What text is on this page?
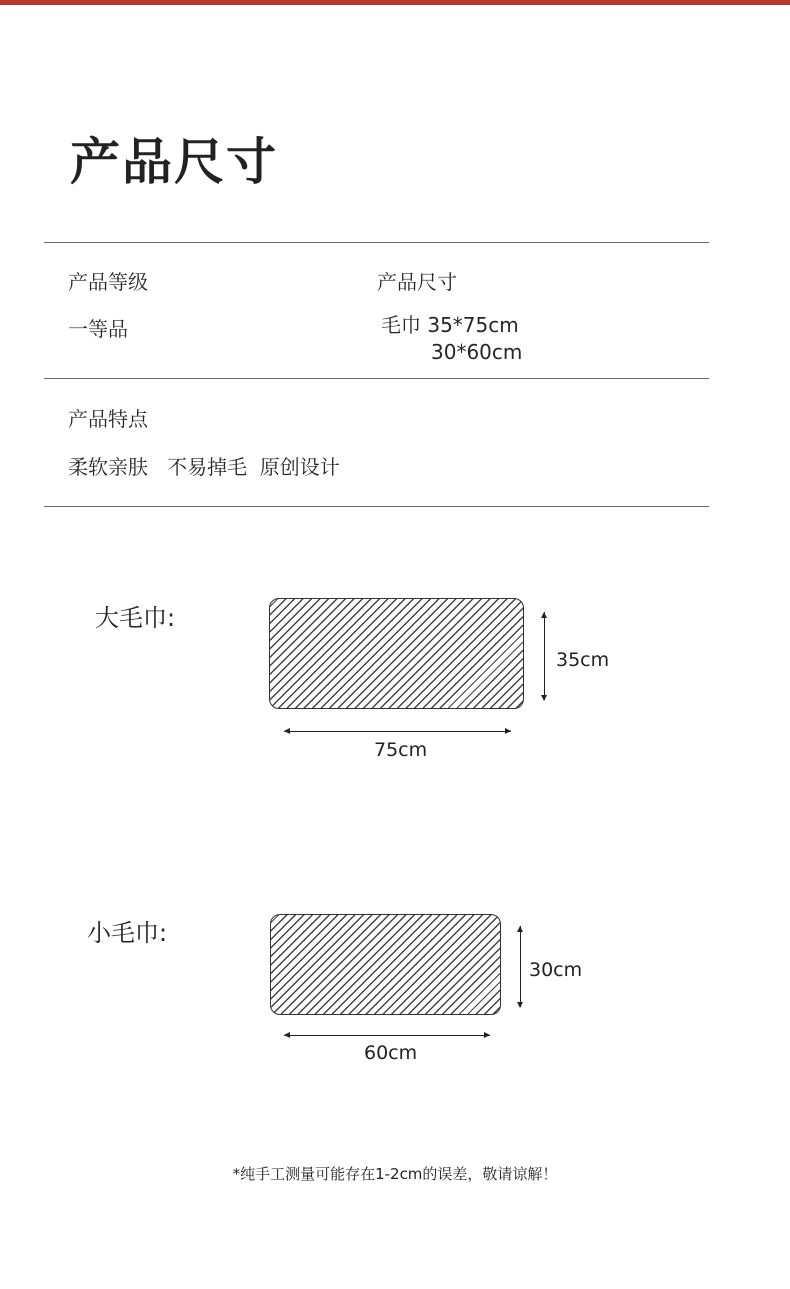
产品尺寸
产品等级
一等品
产品尺寸
毛巾 35*75cm
30*60cm
产品特点
柔软亲肤   不易掉毛  原创设计
大毛巾:
35cm
75cm
小毛巾:
30cm
60cm
*纯手工测量可能存在1-2cm的误差，敬请谅解！
